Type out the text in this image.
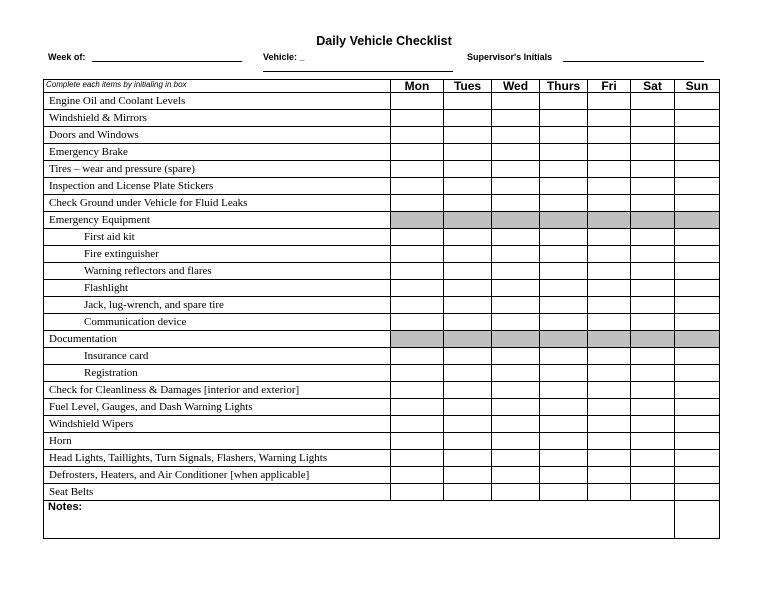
Daily Vehicle Checklist
Week of:	Vehicle: _	Supervisor's Initials
Complete each items by initialing in box	Mon	Tues	Wed	Thurs	Fri	Sat	Sun
Engine Oil and Coolant Levels							
Windshield & Mirrors							
Doors and Windows							
Emergency Brake							
Tires – wear and pressure (spare)							
Inspection and License Plate Stickers							
Check Ground under Vehicle for Fluid Leaks							
Emergency Equipment							
First aid kit							
Fire extinguisher							
Warning reflectors and flares							
Flashlight							
Jack, lug-wrench, and spare tire							
Communication device							
Documentation							
Insurance card							
Registration							
Check for Cleanliness & Damages [interior and exterior]							
Fuel Level, Gauges, and Dash Warning Lights							
Windshield Wipers							
Horn							
Head Lights, Taillights, Turn Signals, Flashers, Warning Lights							
Defrosters, Heaters, and Air Conditioner [when applicable]							
Seat Belts							
Notes:							
